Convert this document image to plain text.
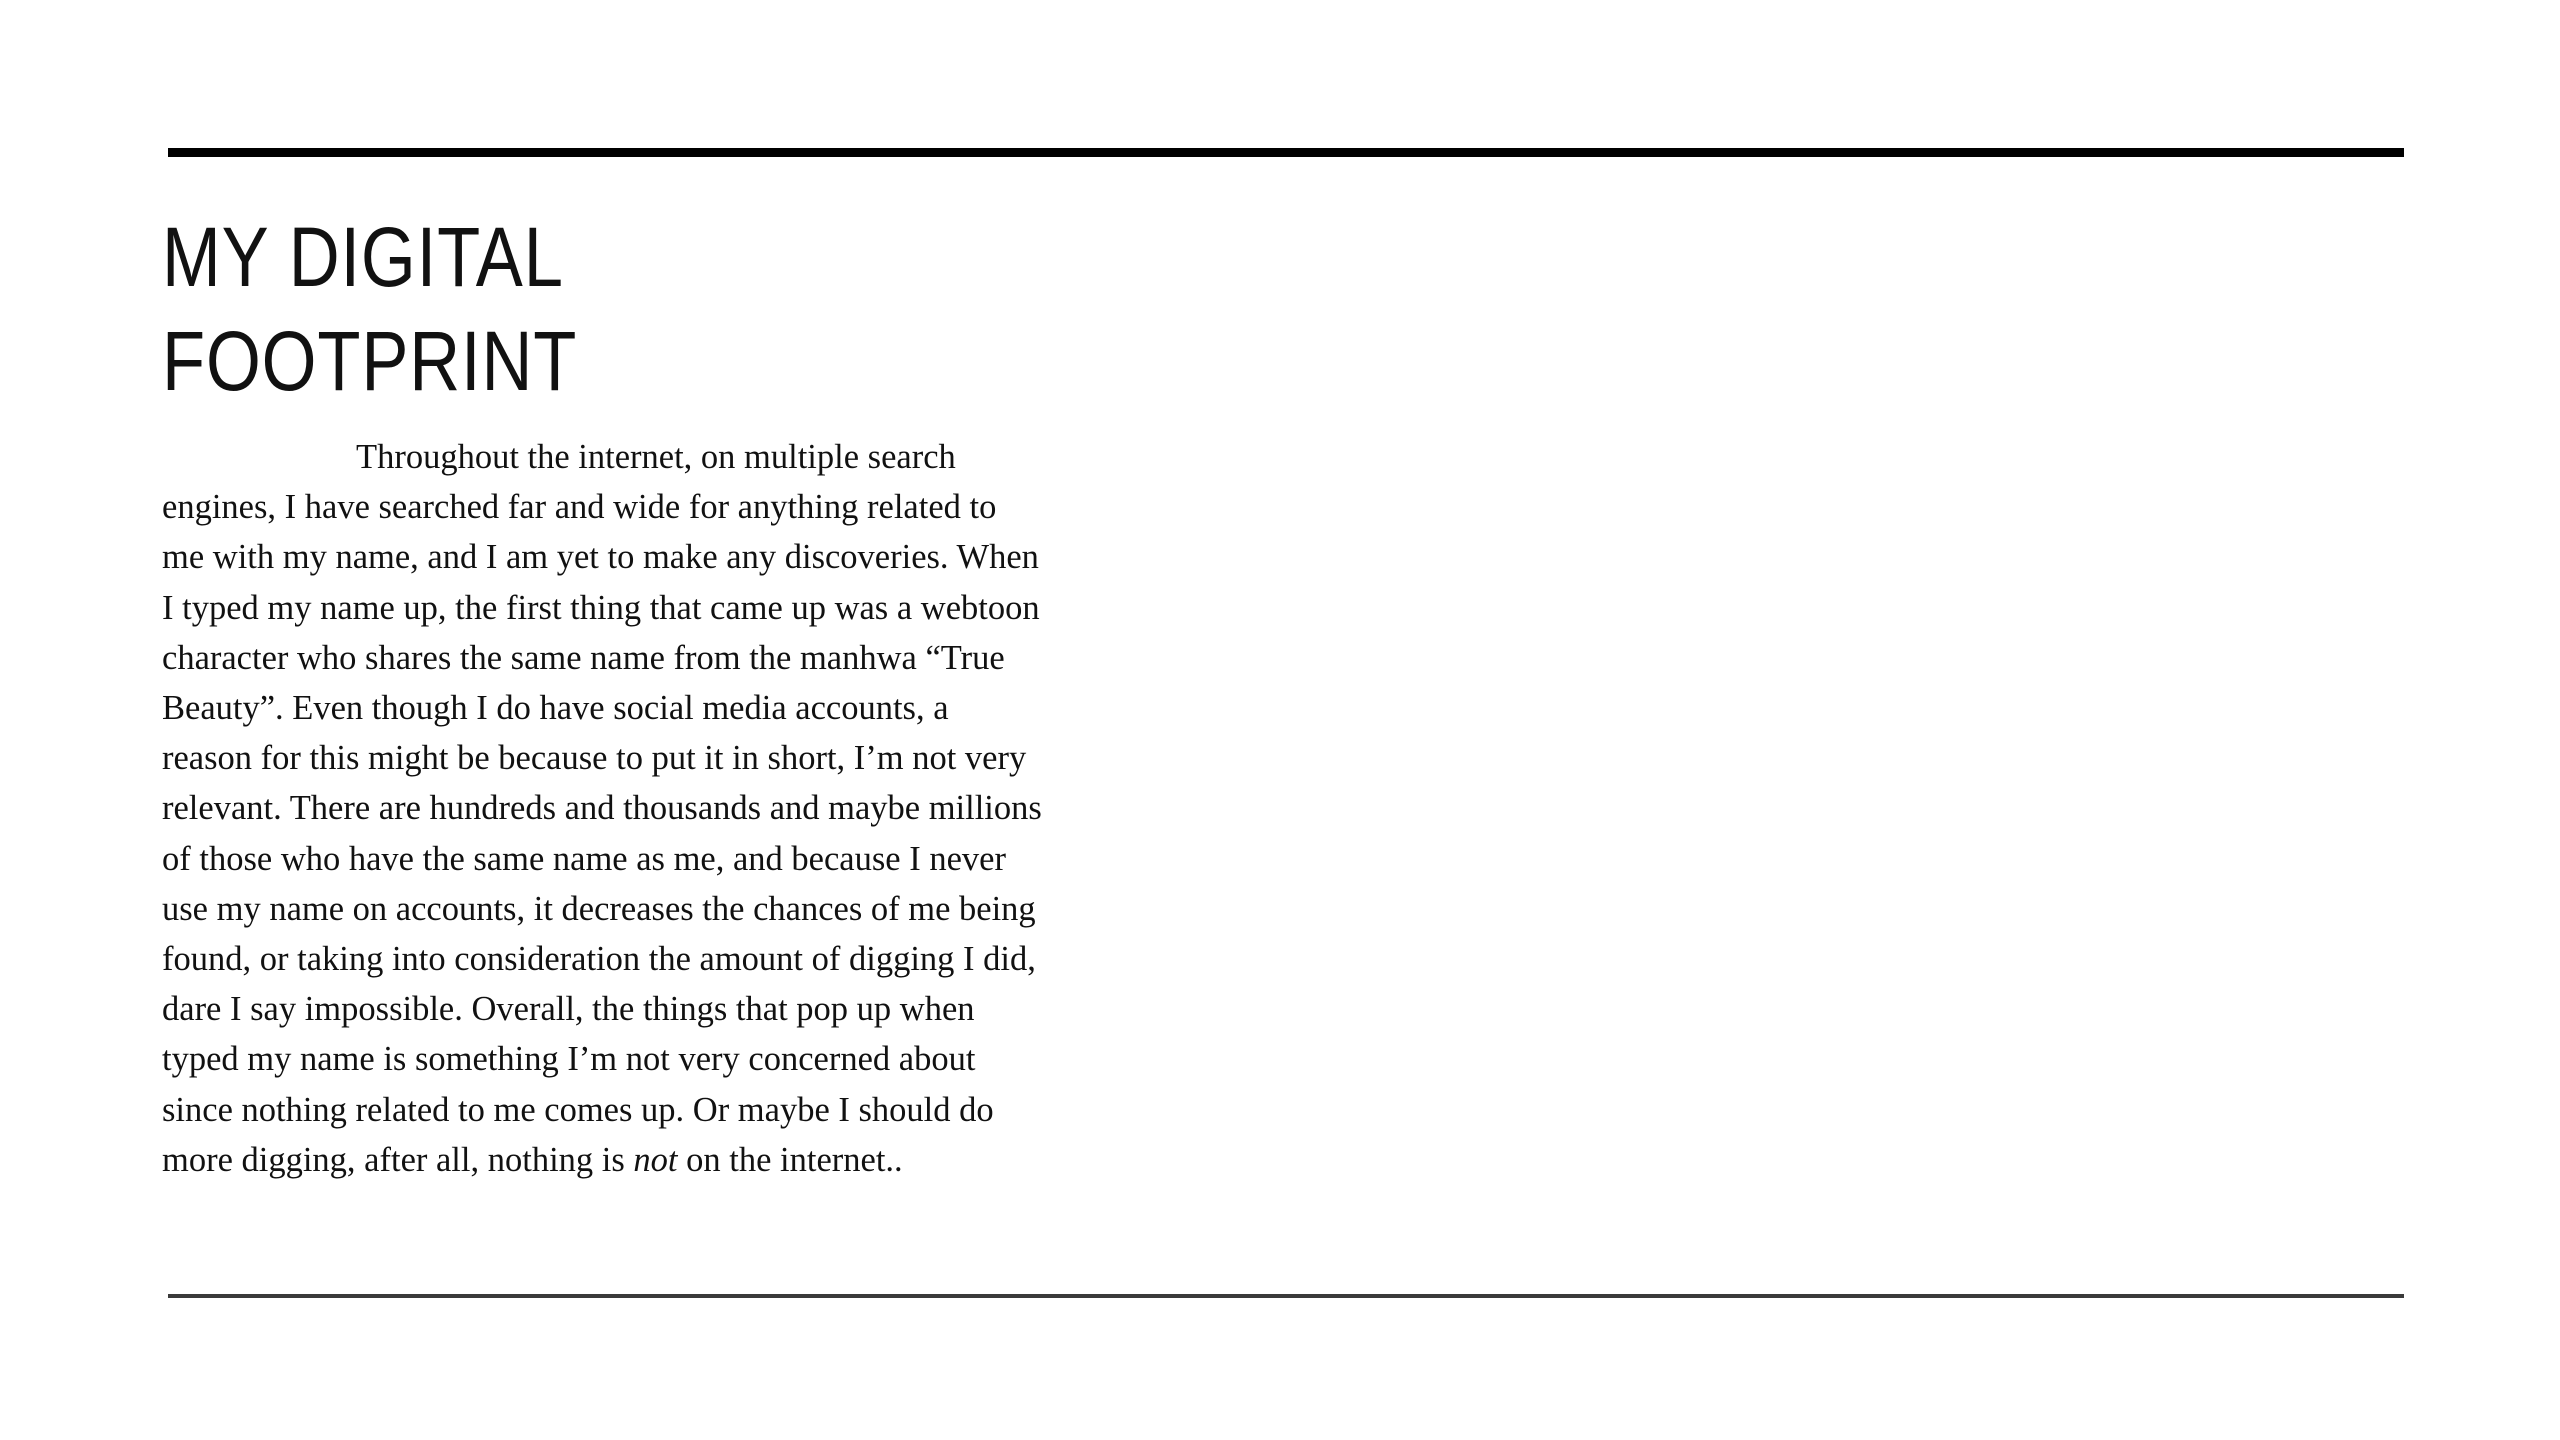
MY DIGITAL
FOOTPRINT

Throughout the internet, on multiple search engines, I have searched far and wide for anything related to me with my name, and I am yet to make any discoveries. When I typed my name up, the first thing that came up was a webtoon character who shares the same name from the manhwa “True Beauty”. Even though I do have social media accounts, a reason for this might be because to put it in short, I’m not very relevant. There are hundreds and thousands and maybe millions of those who have the same name as me, and because I never use my name on accounts, it decreases the chances of me being found, or taking into consideration the amount of digging I did, dare I say impossible. Overall, the things that pop up when typed my name is something I’m not very concerned about since nothing related to me comes up. Or maybe I should do more digging, after all, nothing is not on the internet..
